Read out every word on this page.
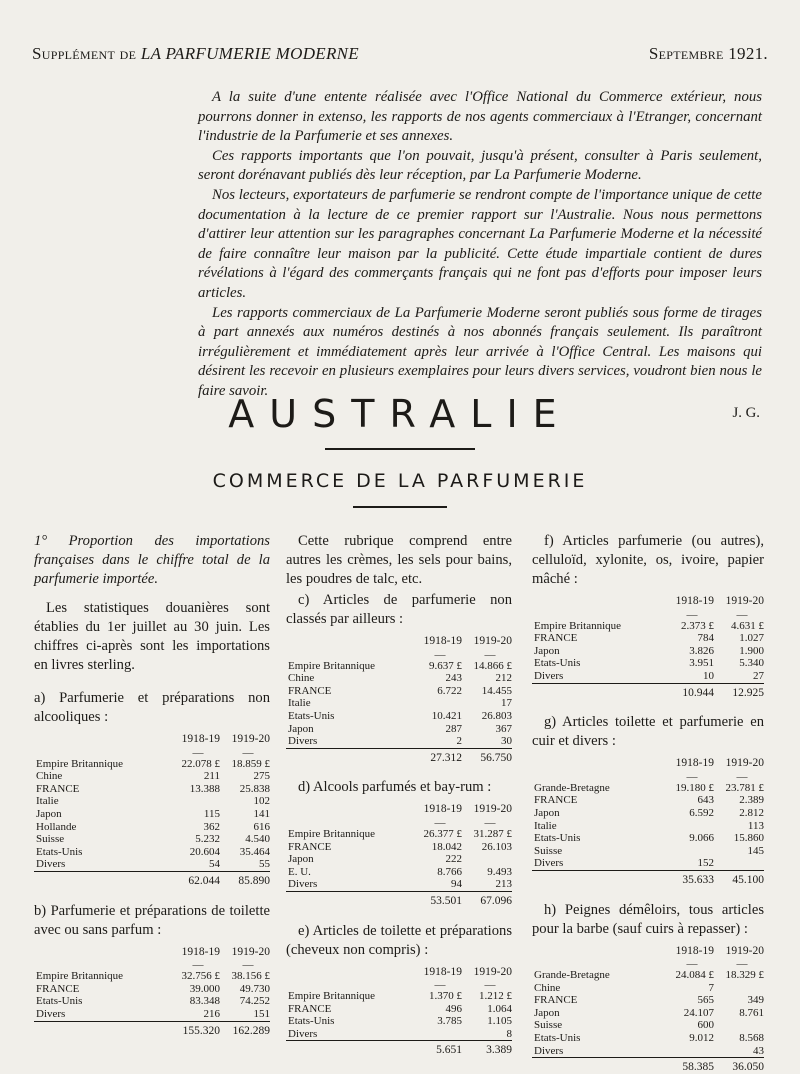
Supplément de LA PARFUMERIE MODERNE	Septembre 1921.

A la suite d'une entente réalisée avec l'Office National du Commerce extérieur, nous pourrons donner in extenso, les rapports de nos agents commerciaux à l'Etranger, concernant l'industrie de la Parfumerie et ses annexes.

Ces rapports importants que l'on pouvait, jusqu'à présent, consulter à Paris seulement, seront dorénavant publiés dès leur réception, par La Parfumerie Moderne.

Nos lecteurs, exportateurs de parfumerie se rendront compte de l'importance unique de cette documentation à la lecture de ce premier rapport sur l'Australie. Nous nous permettons d'attirer leur attention sur les paragraphes concernant La Parfumerie Moderne et la nécessité de faire connaître leur maison par la publicité. Cette étude impartiale contient de dures révélations à l'égard des commerçants français qui ne font pas d'efforts pour imposer leurs articles.

Les rapports commerciaux de La Parfumerie Moderne seront publiés sous forme de tirages à part annexés aux numéros destinés à nos abonnés français seulement. Ils paraîtront irrégulièrement et immédiatement après leur arrivée à l'Office Central. Les maisons qui désirent les recevoir en plusieurs exemplaires pour leurs divers services, voudront bien nous le faire savoir.

J. G.
AUSTRALIE
COMMERCE DE LA PARFUMERIE

1° Proportion des importations françaises dans le chiffre total de la parfumerie importée.

Les statistiques douanières sont établies du 1er juillet au 30 juin. Les chiffres ci-après sont les importations en livres sterling.

a) Parfumerie et préparations non alcooliques :

	1918-19	1919-20
	—	—
Empire Britannique	22.078 £	18.859 £
Chine	211	275
FRANCE	13.388	25.838
Italie		102
Japon	115	141
Hollande	362	616
Suisse	5.232	4.540
Etats-Unis	20.604	35.464
Divers	54	55
	62.044	85.890

b) Parfumerie et préparations de toilette avec ou sans parfum :

	1918-19	1919-20
	—	—
Empire Britannique	32.756 £	38.156 £
FRANCE	39.000	49.730
Etats-Unis	83.348	74.252
Divers	216	151
	155.320	162.289

Cette rubrique comprend entre autres les crèmes, les sels pour bains, les poudres de talc, etc.

c) Articles de parfumerie non classés par ailleurs :

	1918-19	1919-20
	—	—
Empire Britannique	9.637 £	14.866 £
Chine	243	212
FRANCE	6.722	14.455
Italie		17
Etats-Unis	10.421	26.803
Japon	287	367
Divers	2	30
	27.312	56.750

d) Alcools parfumés et bay-rum :

	1918-19	1919-20
	—	—
Empire Britannique	26.377 £	31.287 £
FRANCE	18.042	26.103
Japon	222	
E. U.	8.766	9.493
Divers	94	213
	53.501	67.096

e) Articles de toilette et préparations (cheveux non compris) :

	1918-19	1919-20
	—	—
Empire Britannique	1.370 £	1.212 £
FRANCE	496	1.064
Etats-Unis	3.785	1.105
Divers		8
	5.651	3.389

f) Articles parfumerie (ou autres), celluloïd, xylonite, os, ivoire, papier mâché :

	1918-19	1919-20
	—	—
Empire Britannique	2.373 £	4.631 £
FRANCE	784	1.027
Japon	3.826	1.900
Etats-Unis	3.951	5.340
Divers	10	27
	10.944	12.925

g) Articles toilette et parfumerie en cuir et divers :

	1918-19	1919-20
	—	—
Grande-Bretagne	19.180 £	23.781 £
FRANCE	643	2.389
Japon	6.592	2.812
Italie		113
Etats-Unis	9.066	15.860
Suisse		145
Divers	152	
	35.633	45.100

h) Peignes démêloirs, tous articles pour la barbe (sauf cuirs à repasser) :

	1918-19	1919-20
	—	—
Grande-Bretagne	24.084 £	18.329 £
Chine	7	
FRANCE	565	349
Japon	24.107	8.761
Suisse	600	
Etats-Unis	9.012	8.568
Divers		43
	58.385	36.050
